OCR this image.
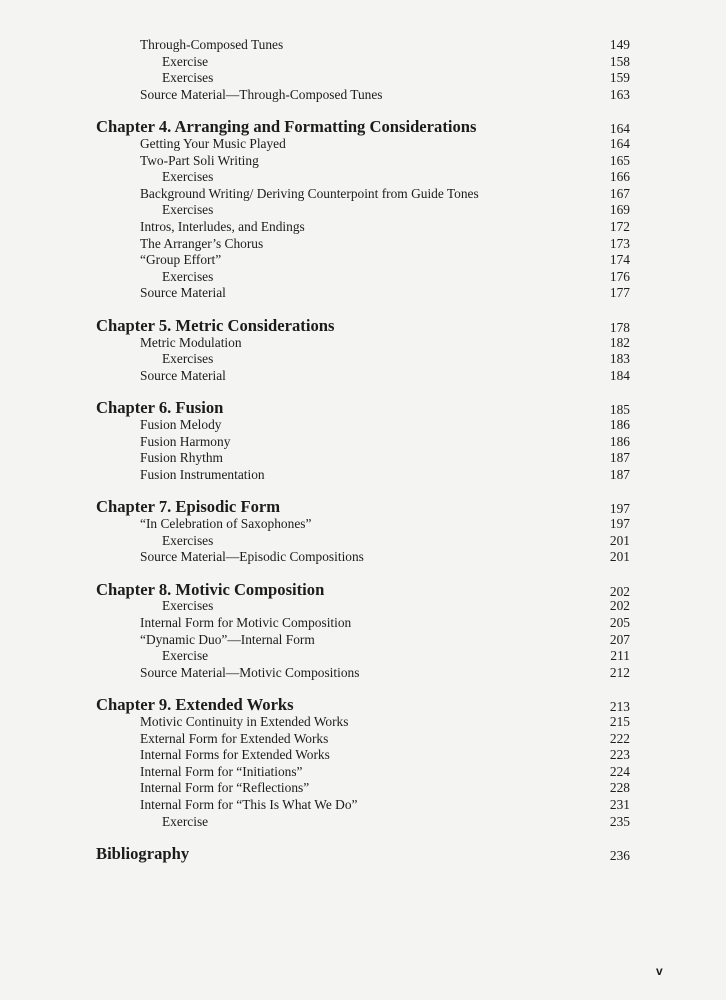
Through-Composed Tunes	149
Exercise	158
Exercises	159
Source Material—Through-Composed Tunes	163
Chapter 4. Arranging and Formatting Considerations	164
Getting Your Music Played	164
Two-Part Soli Writing	165
Exercises	166
Background Writing/ Deriving Counterpoint from Guide Tones	167
Exercises	169
Intros, Interludes, and Endings	172
The Arranger’s Chorus	173
“Group Effort”	174
Exercises	176
Source Material	177
Chapter 5. Metric Considerations	178
Metric Modulation	182
Exercises	183
Source Material	184
Chapter 6. Fusion	185
Fusion Melody	186
Fusion Harmony	186
Fusion Rhythm	187
Fusion Instrumentation	187
Chapter 7. Episodic Form	197
“In Celebration of Saxophones”	197
Exercises	201
Source Material—Episodic Compositions	201
Chapter 8. Motivic Composition	202
Exercises	202
Internal Form for Motivic Composition	205
“Dynamic Duo”—Internal Form	207
Exercise	211
Source Material—Motivic Compositions	212
Chapter 9. Extended Works	213
Motivic Continuity in Extended Works	215
External Form for Extended Works	222
Internal Forms for Extended Works	223
Internal Form for “Initiations”	224
Internal Form for “Reflections”	228
Internal Form for “This Is What We Do”	231
Exercise	235
Bibliography	236
v
